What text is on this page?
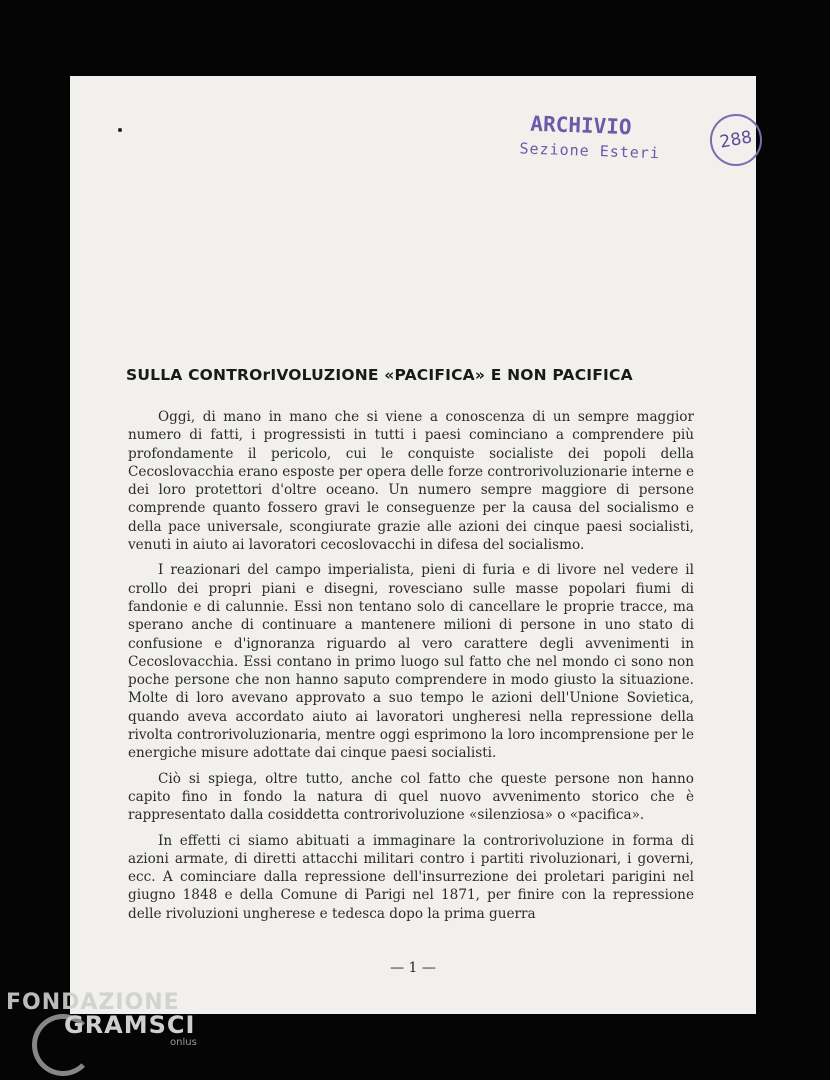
ARCHIVIO
Sezione Esteri	288
SULLA CONTROrIVOLUZIONE «PACIFICA» E NON PACIFICA

Oggi, di mano in mano che si viene a conoscenza di un sempre maggior numero di fatti, i progressisti in tutti i paesi cominciano a comprendere più profondamente il pericolo, cui le conquiste socialiste dei popoli della Cecoslovacchia erano esposte per opera delle forze controrivoluzionarie interne e dei loro protettori d'oltre oceano. Un numero sempre maggiore di persone comprende quanto fossero gravi le conseguenze per la causa del socialismo e della pace universale, scongiurate grazie alle azioni dei cinque paesi socialisti, venuti in aiuto ai lavoratori cecoslovacchi in difesa del socialismo.

I reazionari del campo imperialista, pieni di furia e di livore nel vedere il crollo dei propri piani e disegni, rovesciano sulle masse popolari fiumi di fandonie e di calunnie. Essi non tentano solo di cancellare le proprie tracce, ma sperano anche di continuare a mantenere milioni di persone in uno stato di confusione e d'ignoranza riguardo al vero carattere degli avvenimenti in Cecoslovacchia. Essi contano in primo luogo sul fatto che nel mondo ci sono non poche persone che non hanno saputo comprendere in modo giusto la situazione. Molte di loro avevano approvato a suo tempo le azioni dell'Unione Sovietica, quando aveva accordato aiuto ai lavoratori ungheresi nella repressione della rivolta controrivoluzionaria, mentre oggi esprimono la loro incomprensione per le energiche misure adottate dai cinque paesi socialisti.

Ciò si spiega, oltre tutto, anche col fatto che queste persone non hanno capito fino in fondo la natura di quel nuovo avvenimento storico che è rappresentato dalla cosiddetta controrivoluzione «silenziosa» o «pacifica».

In effetti ci siamo abituati a immaginare la controrivoluzione in forma di azioni armate, di diretti attacchi militari contro i partiti rivoluzionari, i governi, ecc. A cominciare dalla repressione dell'insurrezione dei proletari parigini nel giugno 1848 e della Comune di Parigi nel 1871, per finire con la repressione delle rivoluzioni ungherese e tedesca dopo la prima guerra

— 1 —
FONDAZIONE
GRAMSCI
onlus
